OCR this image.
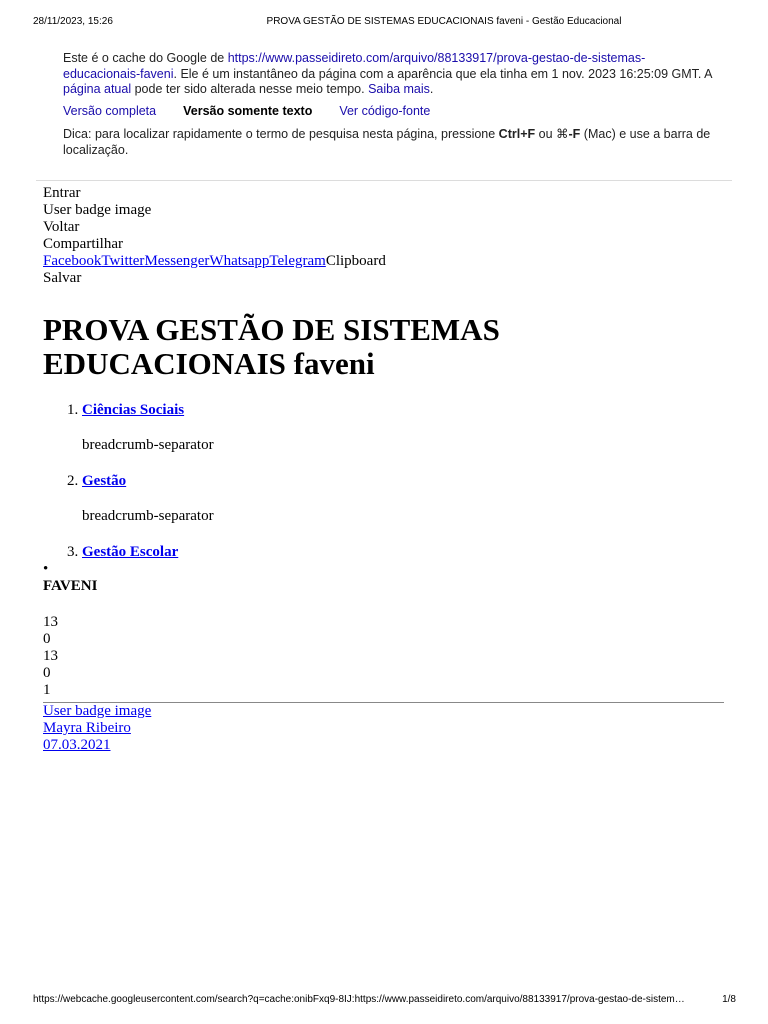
28/11/2023, 15:26	PROVA GESTÃO DE SISTEMAS EDUCACIONAIS faveni - Gestão Educacional
Este é o cache do Google de https://www.passeidireto.com/arquivo/88133917/prova-gestao-de-sistemas-educacionais-faveni. Ele é um instantâneo da página com a aparência que ela tinha em 1 nov. 2023 16:25:09 GMT. A página atual pode ter sido alterada nesse meio tempo. Saiba mais.
Versão completa Versão somente texto Ver código-fonte
Dica: para localizar rapidamente o termo de pesquisa nesta página, pressione Ctrl+F ou ⌘-F (Mac) e use a barra de localização.
Entrar
User badge image

Voltar

Compartilhar

FacebookTwitterMessengerWhatsappTelegramClipboard

Salvar
PROVA GESTÃO DE SISTEMAS EDUCACIONAIS faveni
1. Ciências Sociais
breadcrumb-separator
2. Gestão
breadcrumb-separator
3. Gestão Escolar

•

FAVENI

13
0
13
0
1

User badge image

Mayra Ribeiro

07.03.2021

https://webcache.googleusercontent.com/search?q=cache:onibFxq9-8IJ:https://www.passeidireto.com/arquivo/88133917/prova-gestao-de-sistem…	1/8
